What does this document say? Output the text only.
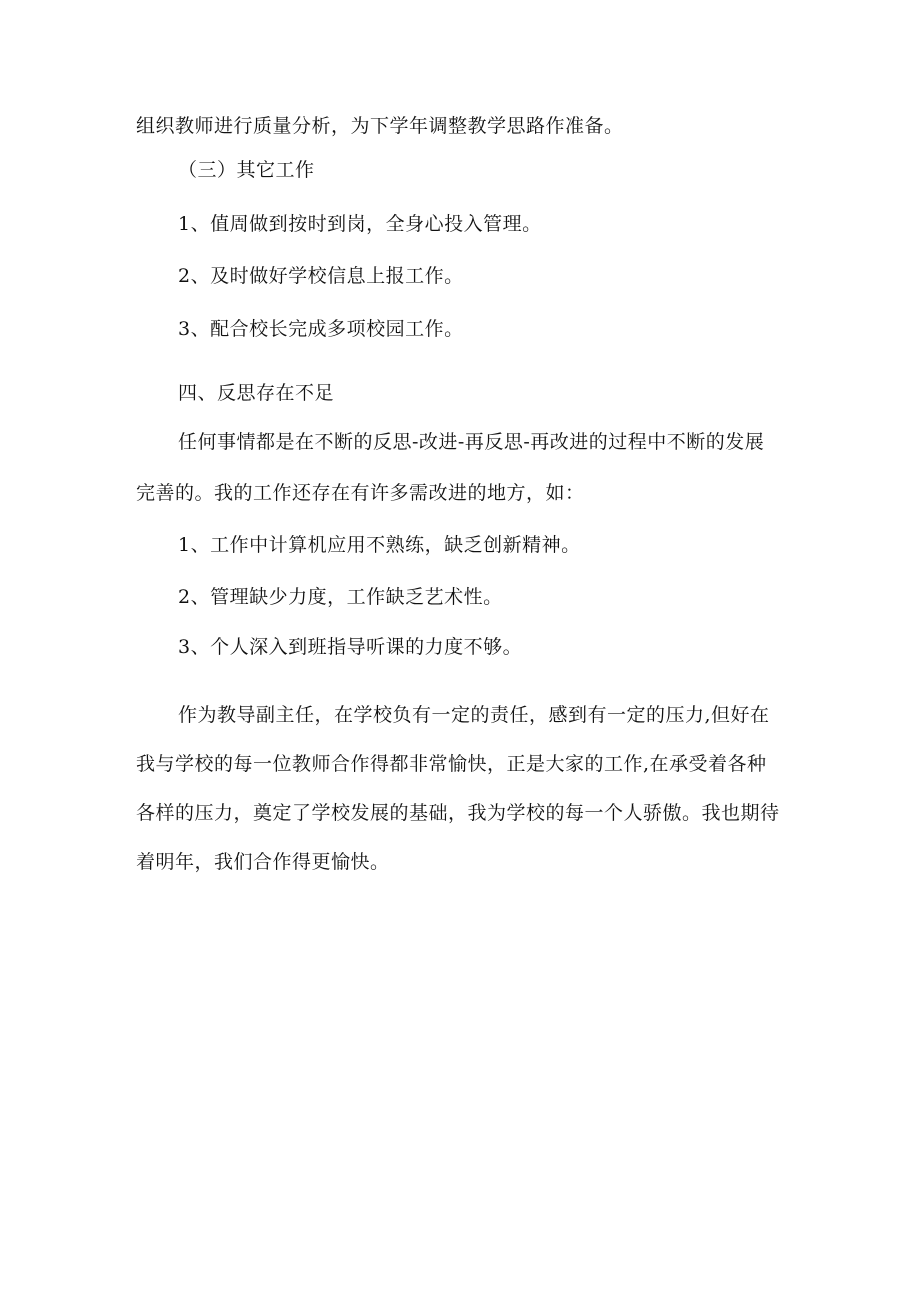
组织教师进行质量分析，为下学年调整教学思路作准备。
（三）其它工作
1、值周做到按时到岗，全身心投入管理。
2、及时做好学校信息上报工作。
3、配合校长完成多项校园工作。
四、反思存在不足
任何事情都是在不断的反思-改进-再反思-再改进的过程中不断的发展
完善的。我的工作还存在有许多需改进的地方，如：
1、工作中计算机应用不熟练，缺乏创新精神。
2、管理缺少力度，工作缺乏艺术性。
3、个人深入到班指导听课的力度不够。
作为教导副主任，在学校负有一定的责任，感到有一定的压力,但好在
我与学校的每一位教师合作得都非常愉快，正是大家的工作,在承受着各种
各样的压力，奠定了学校发展的基础，我为学校的每一个人骄傲。我也期待
着明年，我们合作得更愉快。
